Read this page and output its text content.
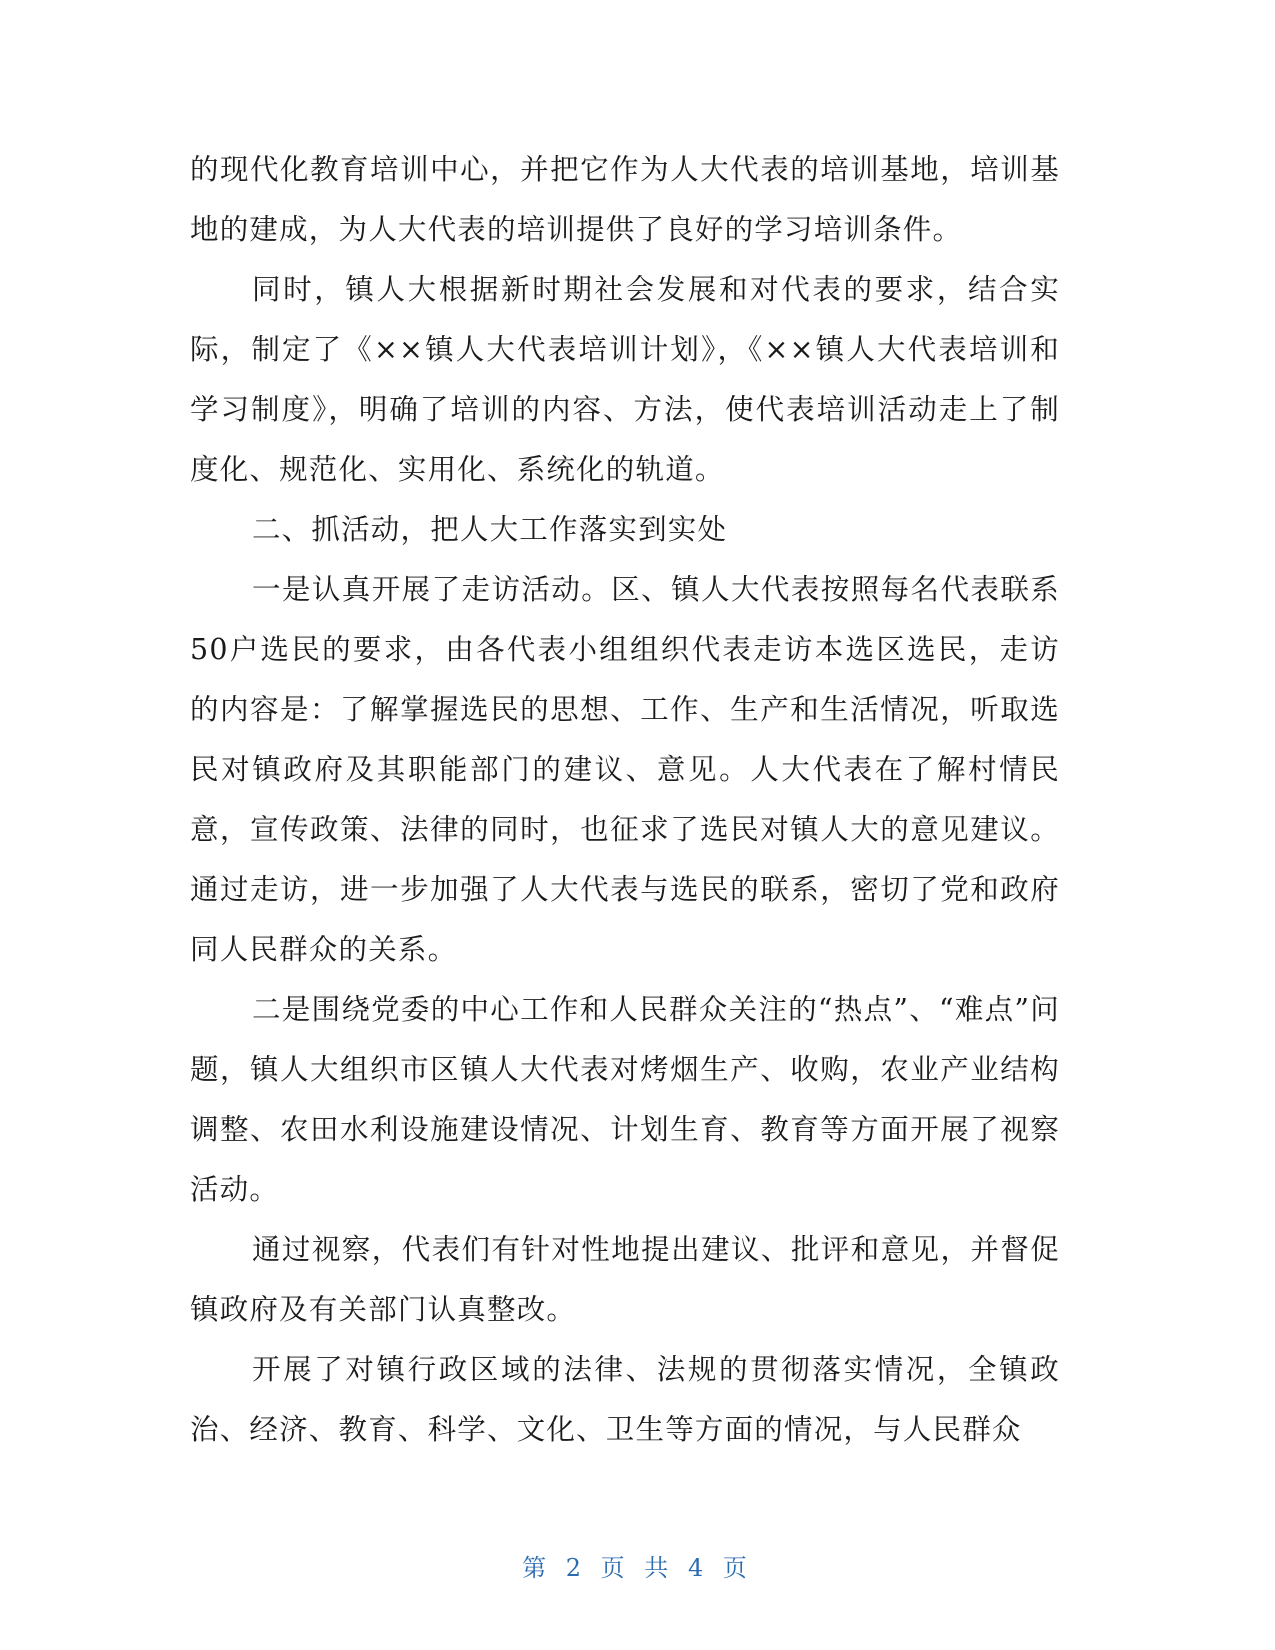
的现代化教育培训中心，并把它作为人大代表的培训基地，培训基地的建成，为人大代表的培训提供了良好的学习培训条件。

同时，镇人大根据新时期社会发展和对代表的要求，结合实际，制定了《××镇人大代表培训计划》，《××镇人大代表培训和学习制度》，明确了培训的内容、方法，使代表培训活动走上了制度化、规范化、实用化、系统化的轨道。

二、抓活动，把人大工作落实到实处

一是认真开展了走访活动。区、镇人大代表按照每名代表联系50户选民的要求，由各代表小组组织代表走访本选区选民，走访的内容是：了解掌握选民的思想、工作、生产和生活情况，听取选民对镇政府及其职能部门的建议、意见。人大代表在了解村情民意，宣传政策、法律的同时，也征求了选民对镇人大的意见建议。通过走访，进一步加强了人大代表与选民的联系，密切了党和政府同人民群众的关系。

二是围绕党委的中心工作和人民群众关注的“热点”、“难点”问题，镇人大组织市区镇人大代表对烤烟生产、收购，农业产业结构调整、农田水利设施建设情况、计划生育、教育等方面开展了视察活动。

通过视察，代表们有针对性地提出建议、批评和意见，并督促镇政府及有关部门认真整改。

开展了对镇行政区域的法律、法规的贯彻落实情况，全镇政治、经济、教育、科学、文化、卫生等方面的情况，与人民群众

第 2 页 共 4 页
